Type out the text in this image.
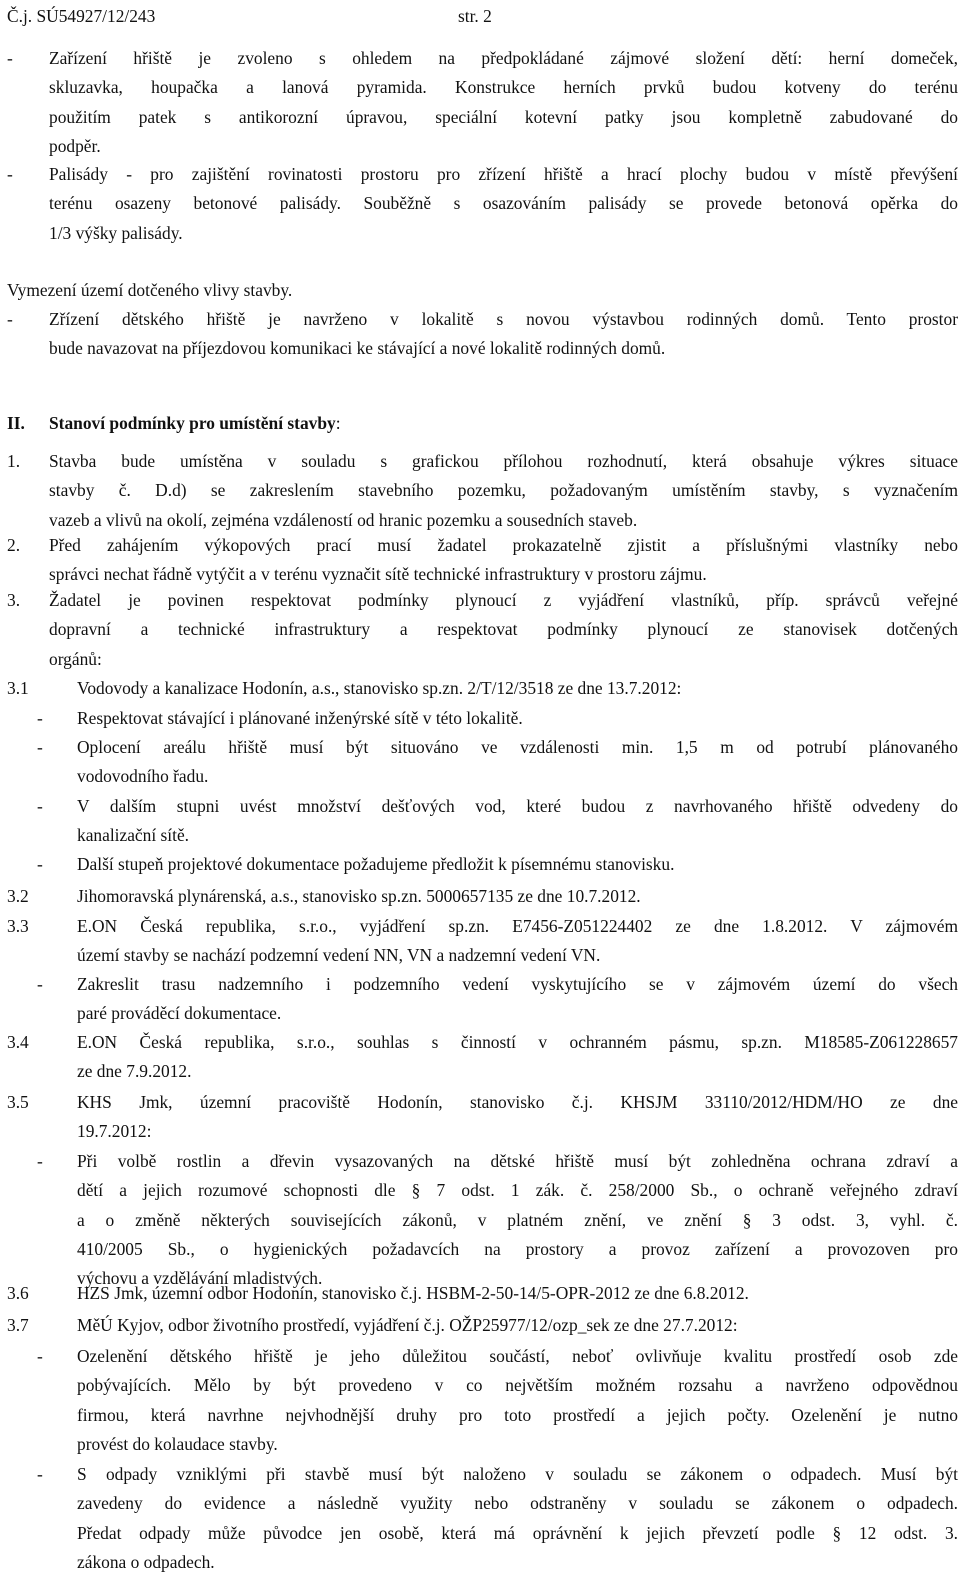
Č.j. SÚ54927/12/243	str. 2
- Zařízení hřiště je zvoleno s ohledem na předpokládané zájmové složení dětí: herní domeček,
skluzavka, houpačka a lanová pyramida. Konstrukce herních prvků budou kotveny do terénu
použitím patek s antikorozní úpravou, speciální kotevní patky jsou kompletně zabudované do
podpěr.
- Palisády - pro zajištění rovinatosti prostoru pro zřízení hřiště a hrací plochy budou v místě převýšení
terénu osazeny betonové palisády. Souběžně s osazováním palisády se provede betonová opěrka do
1/3 výšky palisády.
Vymezení území dotčeného vlivy stavby.
- Zřízení dětského hřiště je navrženo v lokalitě s novou výstavbou rodinných domů. Tento prostor
bude navazovat na příjezdovou komunikaci ke stávající a nové lokalitě rodinných domů.
II. Stanoví podmínky pro umístění stavby:
1. Stavba bude umístěna v souladu s grafickou přílohou rozhodnutí, která obsahuje výkres situace
stavby č. D.d) se zakreslením stavebního pozemku, požadovaným umístěním stavby, s vyznačením
vazeb a vlivů na okolí, zejména vzdáleností od hranic pozemku a sousedních staveb.
2. Před zahájením výkopových prací musí žadatel prokazatelně zjistit a příslušnými vlastníky nebo
správci nechat řádně vytýčit a v terénu vyznačit sítě technické infrastruktury v prostoru zájmu.
3. Žadatel je povinen respektovat podmínky plynoucí z vyjádření vlastníků, příp. správců veřejné
dopravní a technické infrastruktury a respektovat podmínky plynoucí ze stanovisek dotčených
orgánů:
3.1	Vodovody a kanalizace Hodonín, a.s., stanovisko sp.zn. 2/T/12/3518 ze dne 13.7.2012:
- Respektovat stávající i plánované inženýrské sítě v této lokalitě.
- Oplocení areálu hřiště musí být situováno ve vzdálenosti min. 1,5 m od potrubí plánovaného
vodovodního řadu.
- V dalším stupni uvést množství dešťových vod, které budou z navrhovaného hřiště odvedeny do
kanalizační sítě.
- Další stupeň projektové dokumentace požadujeme předložit k písemnému stanovisku.
3.2	Jihomoravská plynárenská, a.s., stanovisko sp.zn. 5000657135 ze dne 10.7.2012.
3.3	E.ON Česká republika, s.r.o., vyjádření sp.zn. E7456-Z051224402 ze dne 1.8.2012. V zájmovém
území stavby se nachází podzemní vedení NN, VN a nadzemní vedení VN.
- Zakreslit trasu nadzemního i podzemního vedení vyskytujícího se v zájmovém území do všech
paré prováděcí dokumentace.
3.4	E.ON Česká republika, s.r.o., souhlas s činností v ochranném pásmu, sp.zn. M18585-Z061228657
ze dne 7.9.2012.
3.5	KHS Jmk, územní pracoviště Hodonín, stanovisko č.j. KHSJM 33110/2012/HDM/HO ze dne
19.7.2012:
- Při volbě rostlin a dřevin vysazovaných na dětské hřiště musí být zohledněna ochrana zdraví a
dětí a jejich rozumové schopnosti dle § 7 odst. 1 zák. č. 258/2000 Sb., o ochraně veřejného zdraví
a o změně některých souvisejících zákonů, v platném znění, ve znění § 3 odst. 3, vyhl. č.
410/2005 Sb., o hygienických požadavcích na prostory a provoz zařízení a provozoven pro
výchovu a vzdělávání mladistvých.
3.6	HZS Jmk, územní odbor Hodonín, stanovisko č.j. HSBM-2-50-14/5-OPR-2012 ze dne 6.8.2012.
3.7	MěÚ Kyjov, odbor životního prostředí, vyjádření č.j. OŽP25977/12/ozp_sek ze dne 27.7.2012:
- Ozelenění dětského hřiště je jeho důležitou součástí, neboť ovlivňuje kvalitu prostředí osob zde
pobývajících. Mělo by být provedeno v co největším možném rozsahu a navrženo odpovědnou
firmou, která navrhne nejvhodnější druhy pro toto prostředí a jejich počty. Ozelenění je nutno
provést do kolaudace stavby.
- S odpady vzniklými při stavbě musí být naloženo v souladu se zákonem o odpadech. Musí být
zavedeny do evidence a následně využity nebo odstraněny v souladu se zákonem o odpadech.
Předat odpady může původce jen osobě, která má oprávnění k jejich převzetí podle § 12 odst. 3.
zákona o odpadech.
